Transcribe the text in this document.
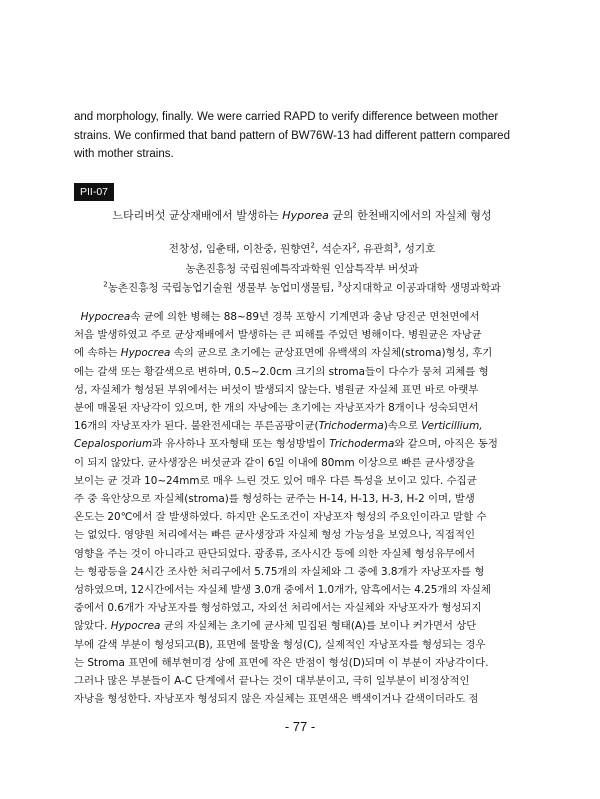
and morphology, finally. We were carried RAPD to verify difference between mother
strains. We confirmed that band pattern of BW76W-13 had different pattern compared
with mother strains.
PII-07
느타리버섯 균상재배에서 발생하는 Hyporea 균의 한천배지에서의 자실체 형성
전창성, 임춘태, 이찬중, 원향연$^2$, 석순자$^2$, 유관희$^3$, 성기호
농촌진흥청 국립원예특작과학원 인삼특작부 버섯과
$^2$농촌진흥청 국립농업기술원 생물부 농업미생물팀, $^3$상지대학교 이공과대학 생명과학과
Hypocrea속 균에 의한 병해는 88~89년 경북 포항시 기계면과 충남 당진군 면천면에서
처음 발생하였고 주로 균상재배에서 발생하는 큰 피해를 주었던 병해이다. 병원균은 자낭균
에 속하는 Hypocrea 속의 균으로 초기에는 균상표면에 유백색의 자실체(stroma)형성, 후기
에는 갈색 또는 황갈색으로 변하며, 0.5~2.0cm 크기의 stroma들이 다수가 뭉쳐 괴체를 형
성, 자실체가 형성된 부위에서는 버섯이 발생되지 않는다. 병원균 자실체 표면 바로 아랫부
분에 매몰된 자낭각이 있으며, 한 개의 자낭에는 초기에는 자낭포자가 8개이나 성숙되면서
16개의 자낭포자가 된다. 불완전세대는 푸른곰팡이균(Trichoderma)속으로 Verticillium,
Cepalosporium과 유사하나 포자형태 또는 형성방법이 Trichoderma와 같으며, 아직은 동정
이 되지 않았다. 균사생장은 버섯균과 같이 6일 이내에 80mm 이상으로 빠른 균사생장을
보이는 균 것과 10~24mm로 매우 느린 것도 있어 매우 다른 특성을 보이고 있다. 수집균
주 중 육안상으로 자실체(stroma)를 형성하는 균주는 H-14, H-13, H-3, H-2 이며, 발생
온도는 20℃에서 잘 발생하였다. 하지만 온도조건이 자낭포자 형성의 주요인이라고 말할 수
는 없었다. 영양원 처리에서는 빠른 균사생장과 자실체 형성 가능성을 보였으나, 직접적인
영향을 주는 것이 아니라고 판단되었다. 광종류, 조사시간 등에 의한 자실체 형성유무에서
는 형광등을 24시간 조사한 처리구에서 5.75개의 자실체와 그 중에 3.8개가 자낭포자를 형
성하였으며, 12시간에서는 자실체 발생 3.0개 중에서 1.0개가, 암흑에서는 4.25개의 자실체
중에서 0.6개가 자낭포자를 형성하였고, 자외선 처리에서는 자실체와 자낭포자가 형성되지
않았다. Hypocrea 균의 자실체는 초기에 균사체 밀집된 형태(A)를 보이나 커가면서 상단
부에 갈색 부분이 형성되고(B), 표면에 물방울 형성(C), 실제적인 자낭포자를 형성되는 경우
는 Stroma 표면에 해부현미경 상에 표면에 작은 반점이 형성(D)되며 이 부분이 자낭각이다.
그러나 많은 부분들이 A-C 단계에서 끝나는 것이 대부분이고, 극히 일부분이 비정상적인
자낭을 형성한다. 자낭포자 형성되지 않은 자실체는 표면색은 백색이거나 갈색이더라도 점
- 77 -
